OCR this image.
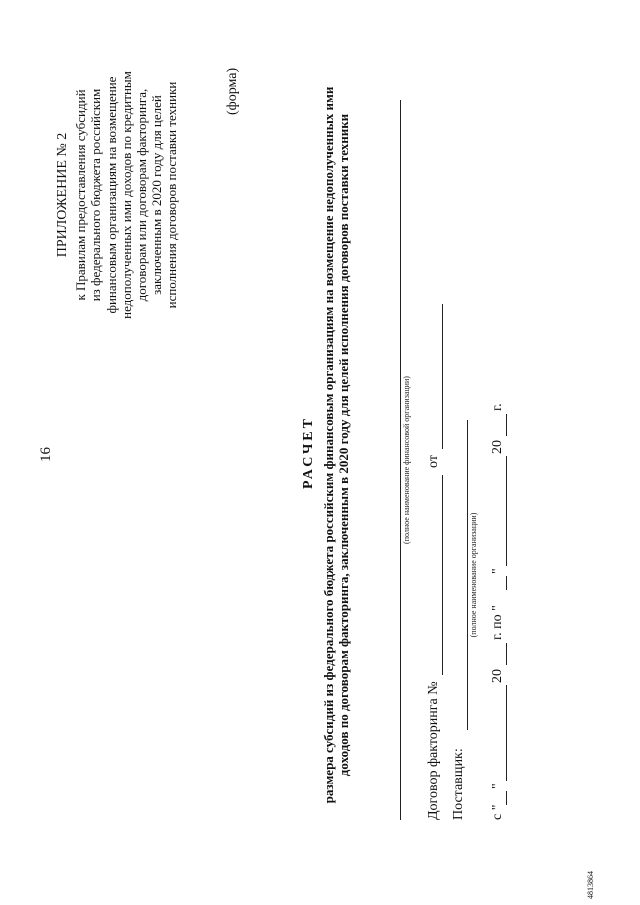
16
ПРИЛОЖЕНИЕ № 2 к Правилам предоставления субсидий из федерального бюджета российским финансовым организациям на возмещение недополученных ими доходов по кредитным договорам или договорам факторинга, заключенным в 2020 году для целей исполнения договоров поставки техники	(форма)
РАСЧЕТ размера субсидий из федерального бюджета российским финансовым организациям на возмещение недополученных ими доходов по договорам факторинга, заключенным в 2020 году для целей исполнения договоров поставки техники	(полное наименование финансовой организации)
Договор факторинга №
от
Поставщик:
(полное наименование организации)
с "
"
20
г. по "
"
20
г.
4813864
